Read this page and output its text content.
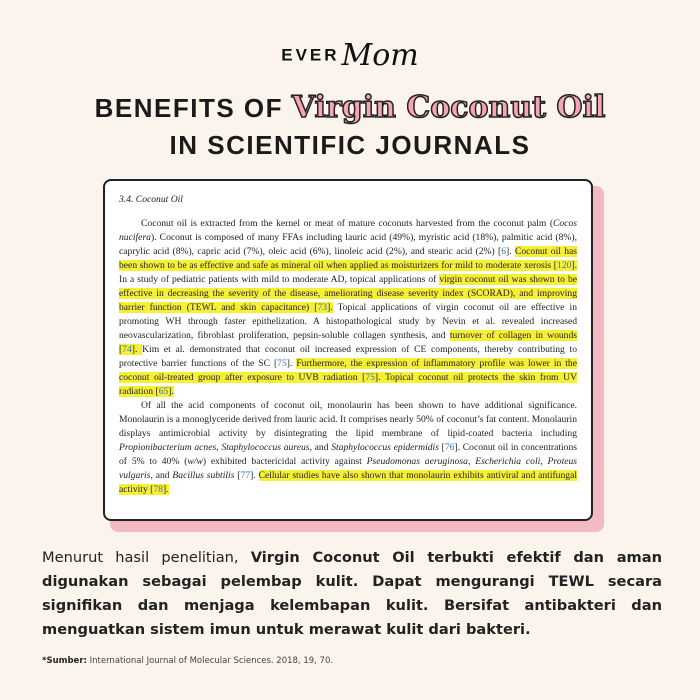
EVERMom
BENEFITS OF Virgin Coconut Oil
IN SCIENTIFIC JOURNALS
3.4. Coconut Oil

Coconut oil is extracted from the kernel or meat of mature coconuts harvested from the coconut palm (Cocos nucifera). Coconut is composed of many FFAs including lauric acid (49%), myristic acid (18%), palmitic acid (8%), caprylic acid (8%), capric acid (7%), oleic acid (6%), linoleic acid (2%), and stearic acid (2%) [6]. Coconut oil has been shown to be as effective and safe as mineral oil when applied as moisturizers for mild to moderate xerosis [120]. In a study of pediatric patients with mild to moderate AD, topical applications of virgin coconut oil was shown to be effective in decreasing the severity of the disease, ameliorating disease severity index (SCORAD), and improving barrier function (TEWL and skin capacitance) [73]. Topical applications of virgin coconut oil are effective in promoting WH through faster epithelization. A histopathological study by Nevin et al. revealed increased neovascularization, fibroblast proliferation, pepsin-soluble collagen synthesis, and turnover of collagen in wounds [74]. Kim et al. demonstrated that coconut oil increased expression of CE components, thereby contributing to protective barrier functions of the SC [75]. Furthermore, the expression of inflammatory profile was lower in the coconut oil-treated group after exposure to UVB radiation [75]. Topical coconut oil protects the skin from UV radiation [65].

Of all the acid components of coconut oil, monolaurin has been shown to have additional significance. Monolaurin is a monoglyceride derived from lauric acid. It comprises nearly 50% of coconut’s fat content. Monolaurin displays antimicrobial activity by disintegrating the lipid membrane of lipid-coated bacteria including Propionibacterium acnes, Staphylococcus aureus, and Staphylococcus epidermidis [76]. Coconut oil in concentrations of 5% to 40% (w/w) exhibited bactericidal activity against Pseudomonas aeruginosa, Escherichia coli, Proteus vulgaris, and Bacillus subtilis [77]. Cellular studies have also shown that monolaurin exhibits antiviral and antifungal activity [78].

Menurut hasil penelitian, Virgin Coconut Oil terbukti efektif dan aman digunakan sebagai pelembap kulit. Dapat mengurangi TEWL secara signifikan dan menjaga kelembapan kulit. Bersifat antibakteri dan menguatkan sistem imun untuk merawat kulit dari bakteri.
*Sumber: International Journal of Molecular Sciences. 2018, 19, 70.
